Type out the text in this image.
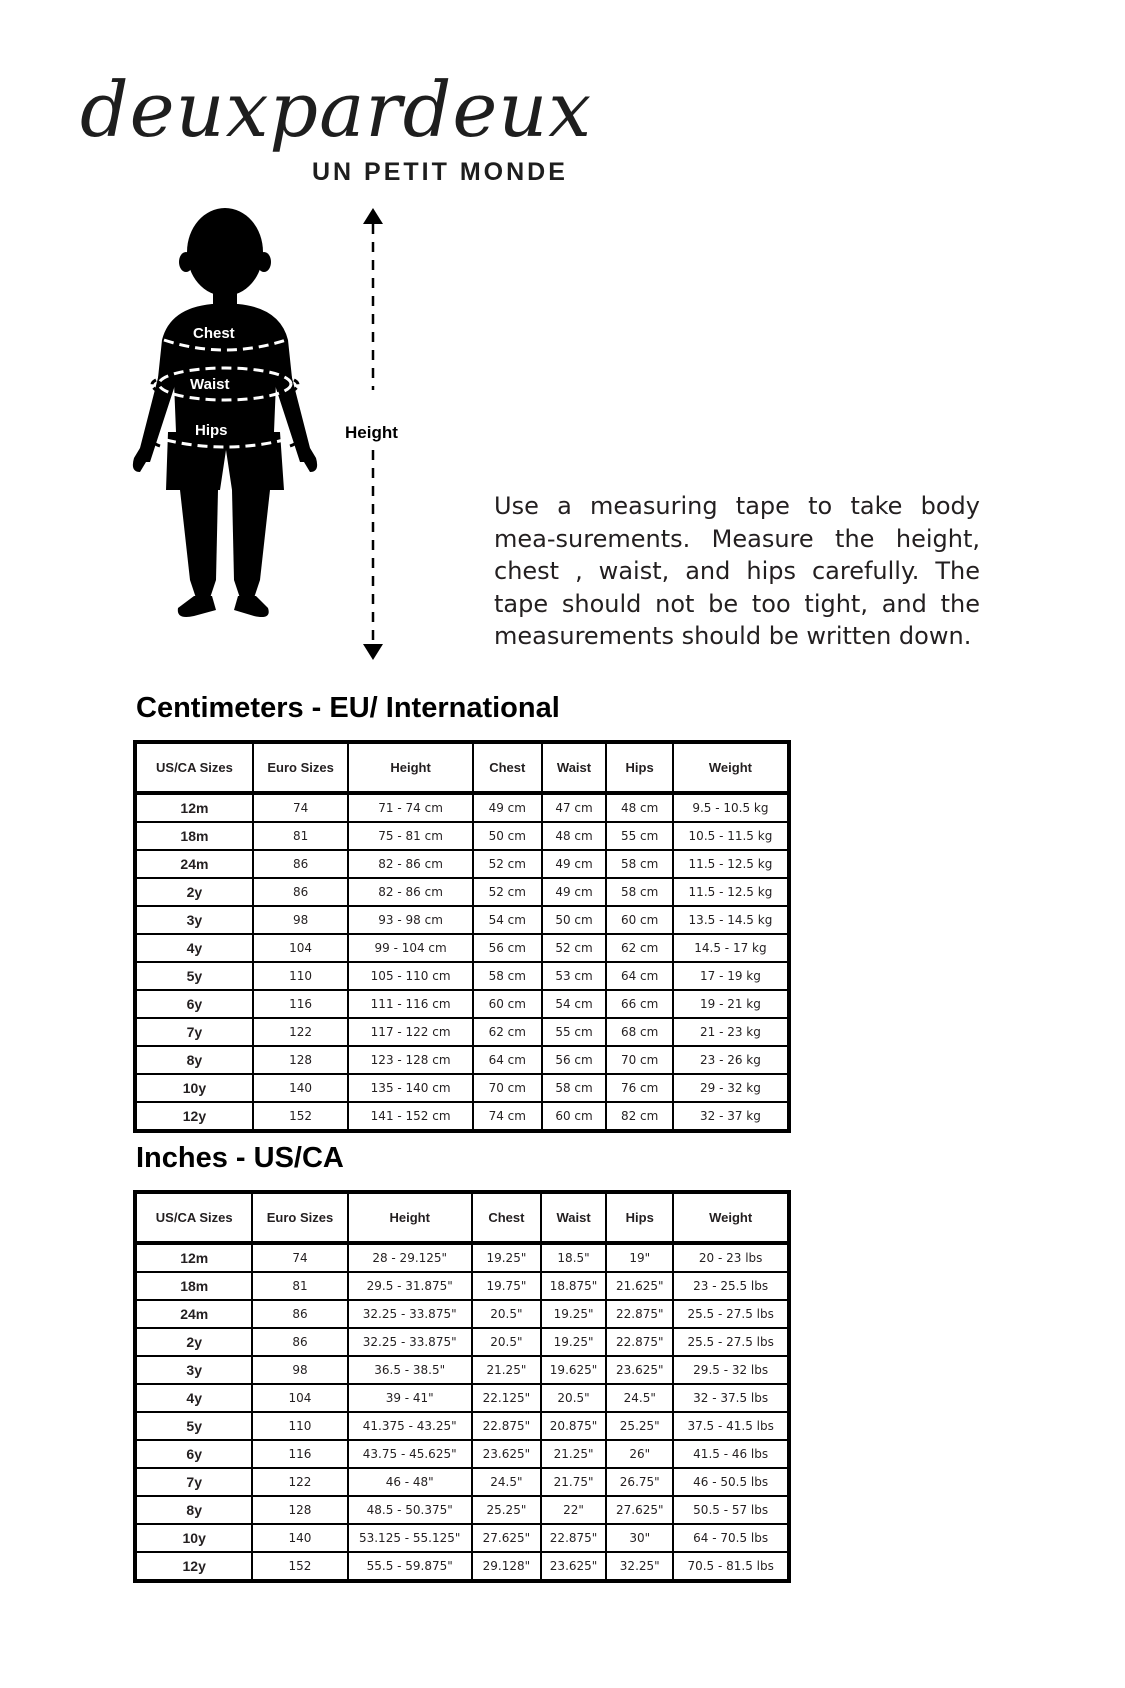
deuxpardeux
UN PETIT MONDE
Chest
Waist
Hips	Height
Use a measuring tape to take body mea-surements. Measure the height, chest , waist, and hips carefully. The tape should not be too tight, and the measurements should be written down.
Centimeters - EU/ International
US/CA Sizes	Euro Sizes	Height	Chest	Waist	Hips	Weight
12m	74	71 - 74 cm	49 cm	47 cm	48 cm	9.5 - 10.5 kg
18m	81	75 - 81 cm	50 cm	48 cm	55 cm	10.5 - 11.5 kg
24m	86	82 - 86 cm	52 cm	49 cm	58 cm	11.5 - 12.5 kg
2y	86	82 - 86 cm	52 cm	49 cm	58 cm	11.5 - 12.5 kg
3y	98	93 - 98 cm	54 cm	50 cm	60 cm	13.5 - 14.5 kg
4y	104	99 - 104 cm	56 cm	52 cm	62 cm	14.5 - 17 kg
5y	110	105 - 110 cm	58 cm	53 cm	64 cm	17 - 19 kg
6y	116	111 - 116 cm	60 cm	54 cm	66 cm	19 - 21 kg
7y	122	117 - 122 cm	62 cm	55 cm	68 cm	21 - 23 kg
8y	128	123 - 128 cm	64 cm	56 cm	70 cm	23 - 26 kg
10y	140	135 - 140 cm	70 cm	58 cm	76 cm	29 - 32 kg
12y	152	141 - 152 cm	74 cm	60 cm	82 cm	32 - 37 kg
Inches - US/CA
US/CA Sizes	Euro Sizes	Height	Chest	Waist	Hips	Weight
12m	74	28 - 29.125"	19.25"	18.5"	19"	20 - 23 lbs
18m	81	29.5 - 31.875"	19.75"	18.875"	21.625"	23 - 25.5 lbs
24m	86	32.25 - 33.875"	20.5"	19.25"	22.875"	25.5 - 27.5 lbs
2y	86	32.25 - 33.875"	20.5"	19.25"	22.875"	25.5 - 27.5 lbs
3y	98	36.5 - 38.5"	21.25"	19.625"	23.625"	29.5 - 32 lbs
4y	104	39 - 41"	22.125"	20.5"	24.5"	32 - 37.5 lbs
5y	110	41.375 - 43.25"	22.875"	20.875"	25.25"	37.5 - 41.5 lbs
6y	116	43.75 - 45.625"	23.625"	21.25"	26"	41.5 - 46 lbs
7y	122	46 - 48"	24.5"	21.75"	26.75"	46 - 50.5 lbs
8y	128	48.5 - 50.375"	25.25"	22"	27.625"	50.5 - 57 lbs
10y	140	53.125 - 55.125"	27.625"	22.875"	30"	64 - 70.5 lbs
12y	152	55.5 - 59.875"	29.128"	23.625"	32.25"	70.5 - 81.5 lbs
